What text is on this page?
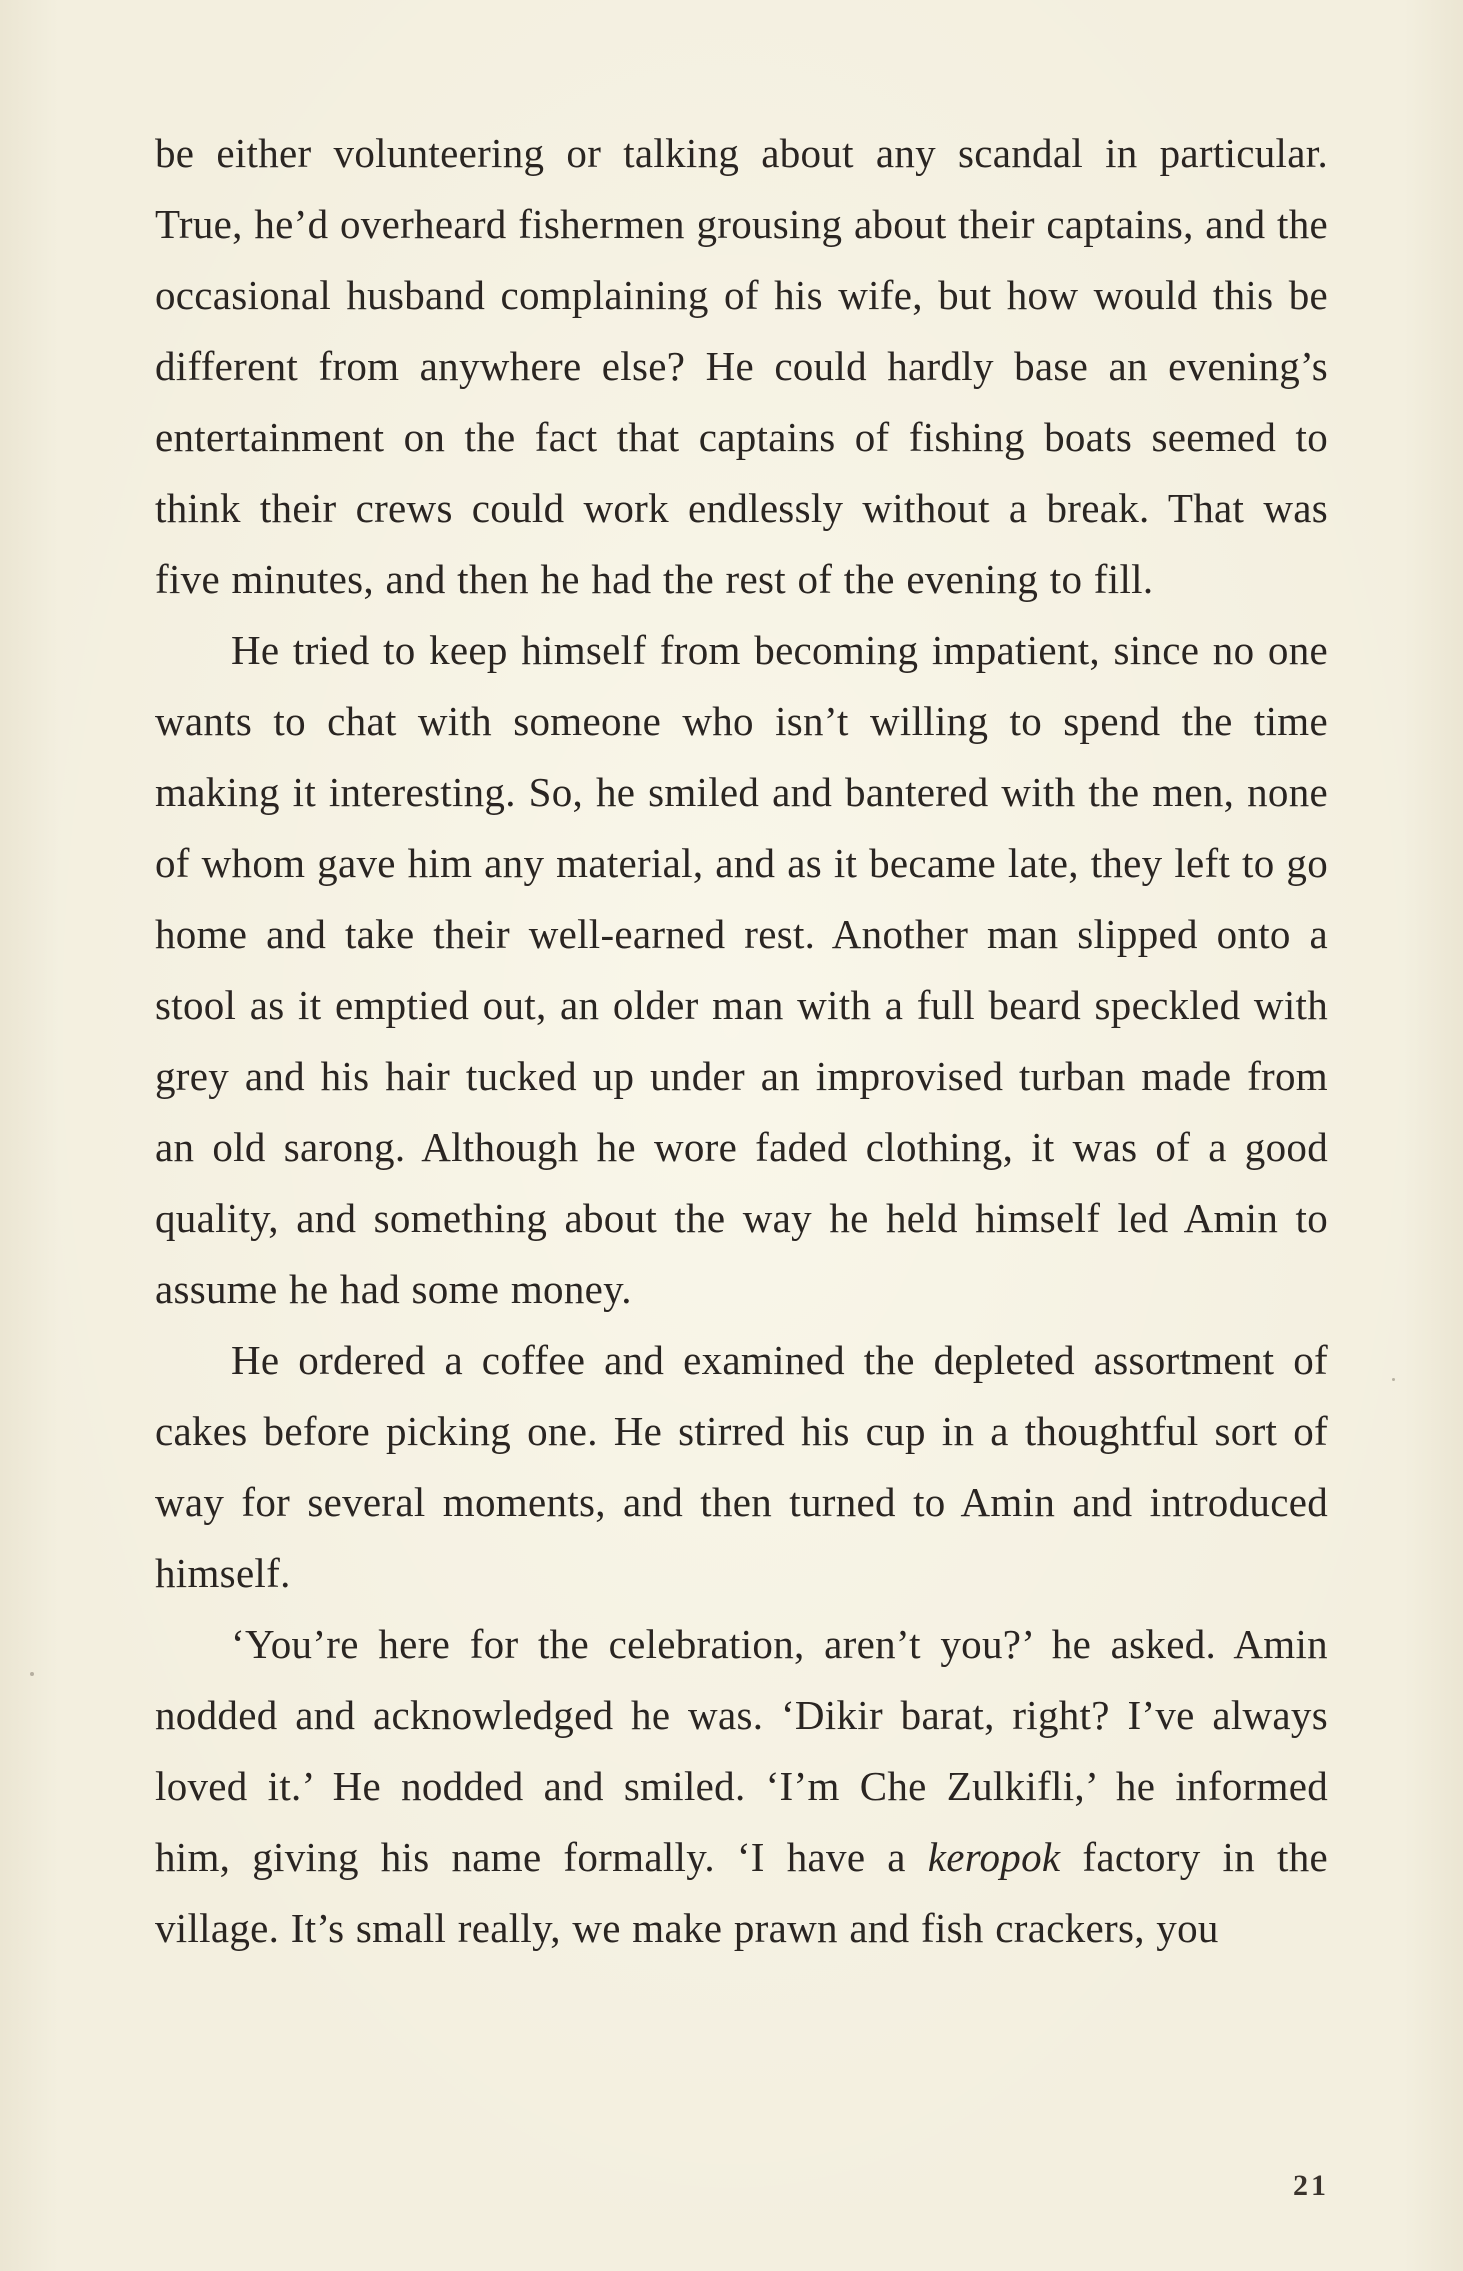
be either volunteering or talking about any scandal in particular. True, he’d overheard fishermen grousing about their captains, and the occasional husband complaining of his wife, but how would this be different from anywhere else? He could hardly base an evening’s entertainment on the fact that captains of fishing boats seemed to think their crews could work endlessly without a break. That was five minutes, and then he had the rest of the evening to fill.

He tried to keep himself from becoming impatient, since no one wants to chat with someone who isn’t willing to spend the time making it interesting. So, he smiled and bantered with the men, none of whom gave him any material, and as it became late, they left to go home and take their well-earned rest. Another man slipped onto a stool as it emptied out, an older man with a full beard speckled with grey and his hair tucked up under an improvised turban made from an old sarong. Although he wore faded clothing, it was of a good quality, and something about the way he held himself led Amin to assume he had some money.

He ordered a coffee and examined the depleted assortment of cakes before picking one. He stirred his cup in a thoughtful sort of way for several moments, and then turned to Amin and introduced himself.

‘You’re here for the celebration, aren’t you?’ he asked. Amin nodded and acknowledged he was. ‘Dikir barat, right? I’ve always loved it.’ He nodded and smiled. ‘I’m Che Zulkifli,’ he informed him, giving his name formally. ‘I have a keropok factory in the village. It’s small really, we make prawn and fish crackers, you

21
